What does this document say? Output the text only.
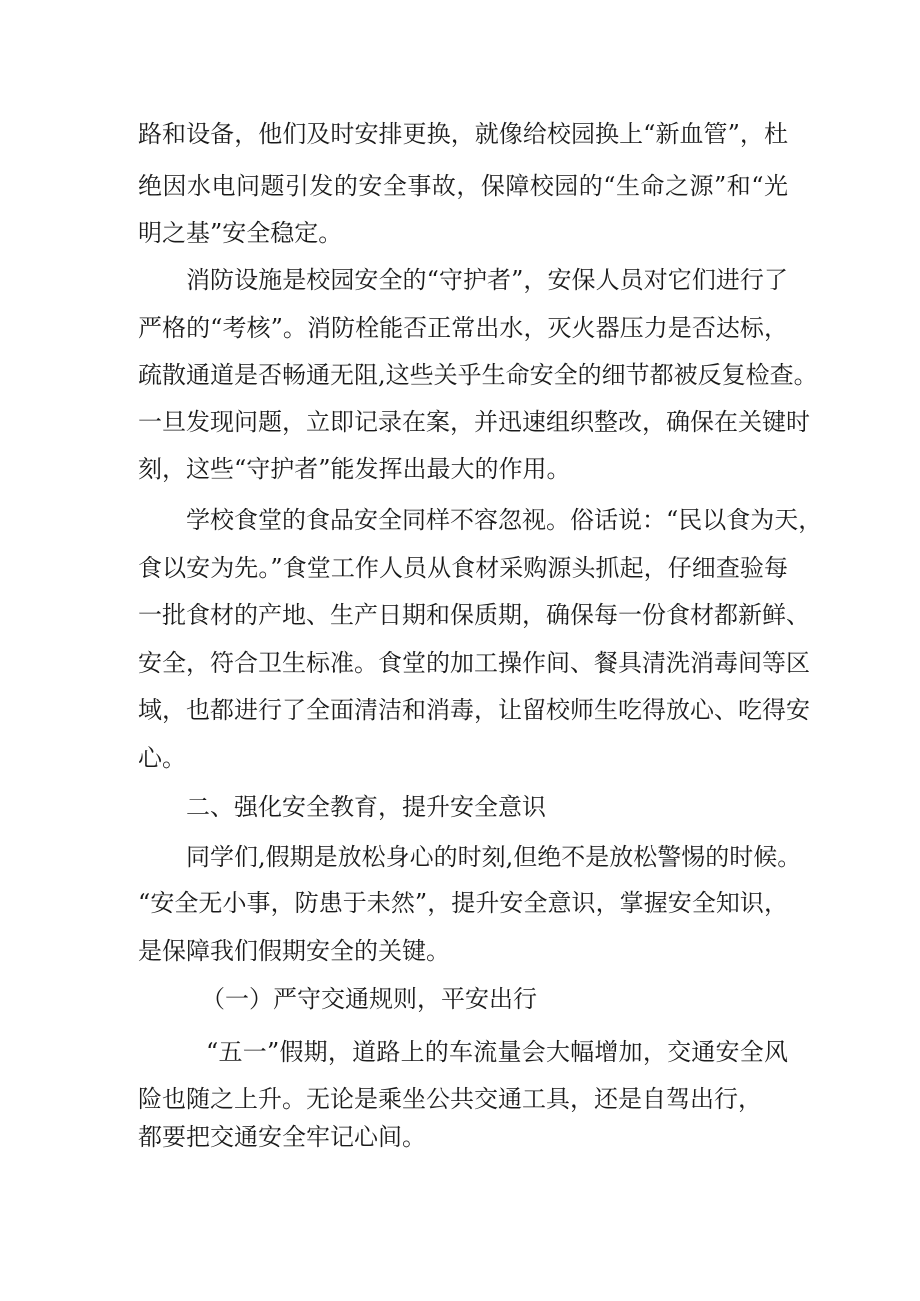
路和设备，他们及时安排更换，就像给校园换上“新血管”，杜
绝因水电问题引发的安全事故，保障校园的“生命之源”和“光
明之基”安全稳定。
消防设施是校园安全的“守护者”，安保人员对它们进行了
严格的“考核”。消防栓能否正常出水，灭火器压力是否达标，
疏散通道是否畅通无阻,这些关乎生命安全的细节都被反复检查。
一旦发现问题，立即记录在案，并迅速组织整改，确保在关键时
刻，这些“守护者”能发挥出最大的作用。
学校食堂的食品安全同样不容忽视。俗话说：“民以食为天，
食以安为先。”食堂工作人员从食材采购源头抓起，仔细查验每
一批食材的产地、生产日期和保质期，确保每一份食材都新鲜、
安全，符合卫生标准。食堂的加工操作间、餐具清洗消毒间等区
域，也都进行了全面清洁和消毒，让留校师生吃得放心、吃得安
心。
二、强化安全教育，提升安全意识
同学们,假期是放松身心的时刻,但绝不是放松警惕的时候。
“安全无小事，防患于未然”，提升安全意识，掌握安全知识，
是保障我们假期安全的关键。
（一）严守交通规则，平安出行
“五一”假期，道路上的车流量会大幅增加，交通安全风
险也随之上升。无论是乘坐公共交通工具，还是自驾出行，
都要把交通安全牢记心间。
